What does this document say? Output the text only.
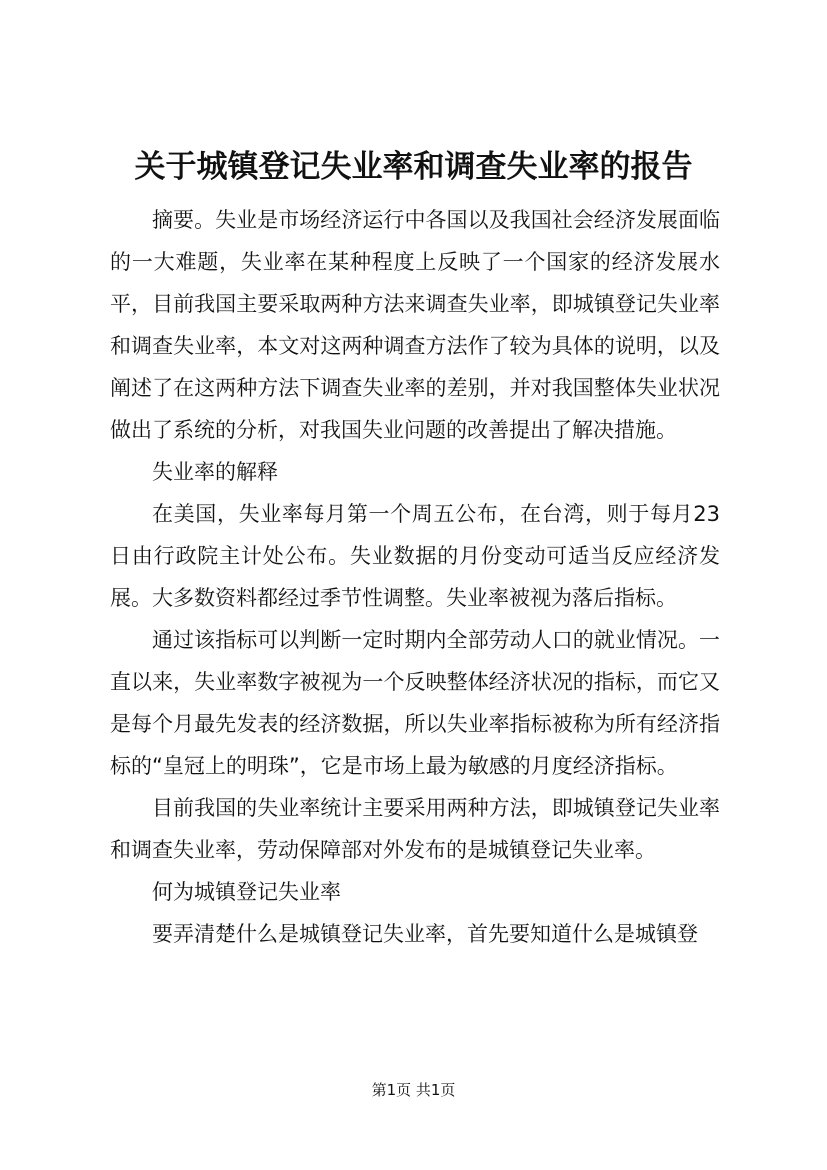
关于城镇登记失业率和调查失业率的报告

摘要。失业是市场经济运行中各国以及我国社会经济发展面临的一大难题，失业率在某种程度上反映了一个国家的经济发展水平，目前我国主要采取两种方法来调查失业率，即城镇登记失业率和调查失业率，本文对这两种调查方法作了较为具体的说明，以及阐述了在这两种方法下调查失业率的差别，并对我国整体失业状况做出了系统的分析，对我国失业问题的改善提出了解决措施。

失业率的解释

在美国，失业率每月第一个周五公布，在台湾，则于每月23日由行政院主计处公布。失业数据的月份变动可适当反应经济发展。大多数资料都经过季节性调整。失业率被视为落后指标。

通过该指标可以判断一定时期内全部劳动人口的就业情况。一直以来，失业率数字被视为一个反映整体经济状况的指标，而它又是每个月最先发表的经济数据，所以失业率指标被称为所有经济指标的“皇冠上的明珠”，它是市场上最为敏感的月度经济指标。

目前我国的失业率统计主要采用两种方法，即城镇登记失业率和调查失业率，劳动保障部对外发布的是城镇登记失业率。

何为城镇登记失业率

要弄清楚什么是城镇登记失业率，首先要知道什么是城镇登

第1页 共1页
